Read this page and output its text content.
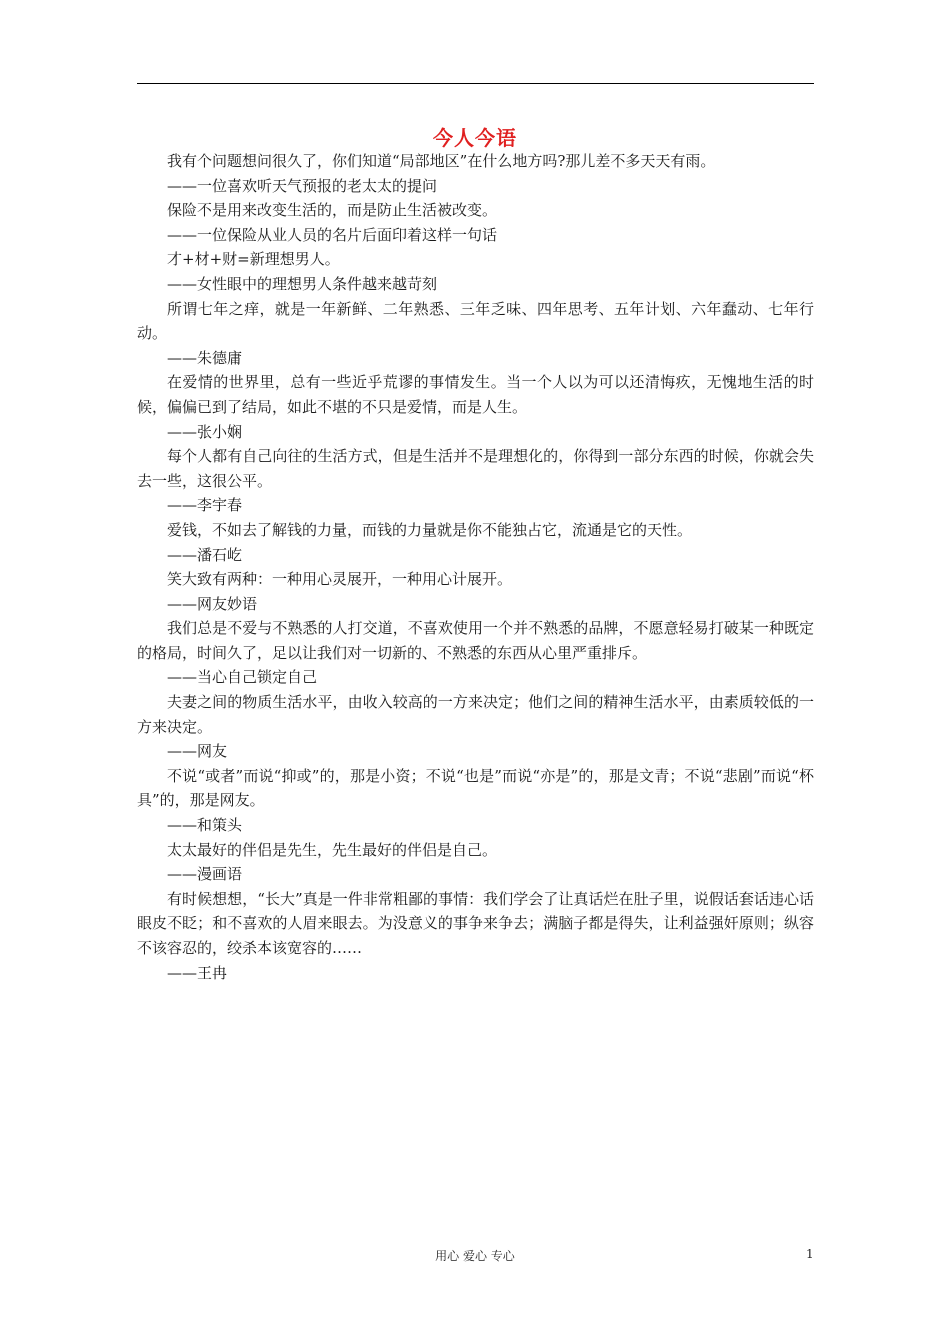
今人今语

我有个问题想问很久了，你们知道“局部地区”在什么地方吗?那儿差不多天天有雨。

——一位喜欢听天气预报的老太太的提问

保险不是用来改变生活的，而是防止生活被改变。

——一位保险从业人员的名片后面印着这样一句话

才+材+财=新理想男人。

——女性眼中的理想男人条件越来越苛刻

所谓七年之痒，就是一年新鲜、二年熟悉、三年乏味、四年思考、五年计划、六年蠢动、七年行动。

——朱德庸

在爱情的世界里，总有一些近乎荒谬的事情发生。当一个人以为可以还清悔疚，无愧地生活的时候，偏偏已到了结局，如此不堪的不只是爱情，而是人生。

——张小娴

每个人都有自己向往的生活方式，但是生活并不是理想化的，你得到一部分东西的时候，你就会失去一些，这很公平。

——李宇春

爱钱，不如去了解钱的力量，而钱的力量就是你不能独占它，流通是它的天性。

——潘石屹

笑大致有两种：一种用心灵展开，一种用心计展开。

——网友妙语

我们总是不爱与不熟悉的人打交道，不喜欢使用一个并不熟悉的品牌，不愿意轻易打破某一种既定的格局，时间久了，足以让我们对一切新的、不熟悉的东西从心里严重排斥。

——当心自己锁定自己

夫妻之间的物质生活水平，由收入较高的一方来决定；他们之间的精神生活水平，由素质较低的一方来决定。

——网友

不说“或者”而说“抑或”的，那是小资；不说“也是”而说“亦是”的，那是文青；不说“悲剧”而说“杯具”的，那是网友。

——和策头

太太最好的伴侣是先生，先生最好的伴侣是自己。

——漫画语

有时候想想，“长大”真是一件非常粗鄙的事情：我们学会了让真话烂在肚子里，说假话套话违心话眼皮不眨；和不喜欢的人眉来眼去。为没意义的事争来争去；满脑子都是得失，让利益强奸原则；纵容不该容忍的，绞杀本该宽容的……

——王冉

用心 爱心 专心	1
